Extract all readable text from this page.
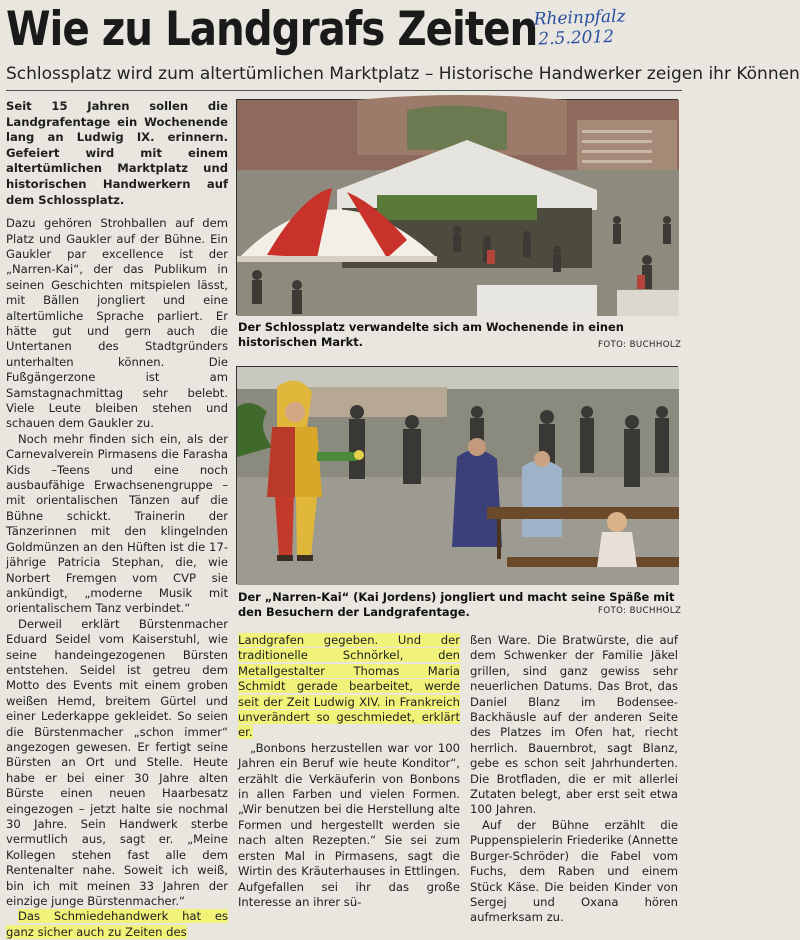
Wie zu Landgrafs Zeiten
Rheinpfalz
2.5.2012
Schlossplatz wird zum altertümlichen Marktplatz – Historische Handwerker zeigen ihr Können

Seit 15 Jahren sollen die Landgrafentage ein Wochenende lang an Ludwig IX. erinnern. Gefeiert wird mit einem altertümlichen Marktplatz und historischen Handwerkern auf dem Schlossplatz.

Dazu gehören Strohballen auf dem Platz und Gaukler auf der Bühne. Ein Gaukler par excellence ist der „Narren-Kai“, der das Publikum in seinen Geschichten mitspielen lässt, mit Bällen jongliert und eine altertümliche Sprache parliert. Er hätte gut und gern auch die Untertanen des Stadtgründers unterhalten können. Die Fußgängerzone ist am Samstagnachmittag sehr belebt. Viele Leute bleiben stehen und schauen dem Gaukler zu.

Noch mehr finden sich ein, als der Carnevalverein Pirmasens die Farasha Kids –Teens und eine noch ausbaufähige Erwachsenengruppe – mit orientalischen Tänzen auf die Bühne schickt. Trainerin der Tänzerinnen mit den klingelnden Goldmünzen an den Hüften ist die 17-jährige Patricia Stephan, die, wie Norbert Fremgen vom CVP sie ankündigt, „moderne Musik mit orientalischem Tanz verbindet.“

Derweil erklärt Bürstenmacher Eduard Seidel vom Kaiserstuhl, wie seine handeingezogenen Bürsten entstehen. Seidel ist getreu dem Motto des Events mit einem groben weißen Hemd, breitem Gürtel und einer Lederkappe gekleidet. So seien die Bürstenmacher „schon immer“ angezogen gewesen. Er fertigt seine Bürsten an Ort und Stelle. Heute habe er bei einer 30 Jahre alten Bürste einen neuen Haarbesatz eingezogen – jetzt halte sie nochmal 30 Jahre. Sein Handwerk sterbe vermutlich aus, sagt er. „Meine Kollegen stehen fast alle dem Rentenalter nahe. Soweit ich weiß, bin ich mit meinen 33 Jahren der einzige junge Bürstenmacher.“

Das Schmiedehandwerk hat es ganz sicher auch zu Zeiten des

Der Schlossplatz verwandelte sich am Wochenende in einen historischen Markt.	FOTO: BUCHHOLZ
Der „Narren-Kai“ (Kai Jordens) jongliert und macht seine Späße mit den Besuchern der Landgrafentage.	FOTO: BUCHHOLZ

Landgrafen gegeben. Und der traditionelle Schnörkel, den Metallgestalter Thomas Maria Schmidt gerade bearbeitet, werde seit der Zeit Ludwig XIV. in Frankreich unverändert so geschmiedet, erklärt er.

„Bonbons herzustellen war vor 100 Jahren ein Beruf wie heute Konditor“, erzählt die Verkäuferin von Bonbons in allen Farben und vielen Formen. „Wir benutzen bei die Herstellung alte Formen und hergestellt werden sie nach alten Rezepten.“ Sie sei zum ersten Mal in Pirmasens, sagt die Wirtin des Kräuterhauses in Ettlingen. Aufgefallen sei ihr das große Interesse an ihrer sü-

ßen Ware. Die Bratwürste, die auf dem Schwenker der Familie Jäkel grillen, sind ganz gewiss sehr neuerlichen Datums. Das Brot, das Daniel Blanz im Bodensee-Backhäusle auf der anderen Seite des Platzes im Ofen hat, riecht herrlich. Bauernbrot, sagt Blanz, gebe es schon seit Jahrhunderten. Die Brotfladen, die er mit allerlei Zutaten belegt, aber erst seit etwa 100 Jahren.

Auf der Bühne erzählt die Puppenspielerin Friederike (Annette Burger-Schröder) die Fabel vom Fuchs, dem Raben und einem Stück Käse. Die beiden Kinder von Sergej und Oxana hören aufmerksam zu.
